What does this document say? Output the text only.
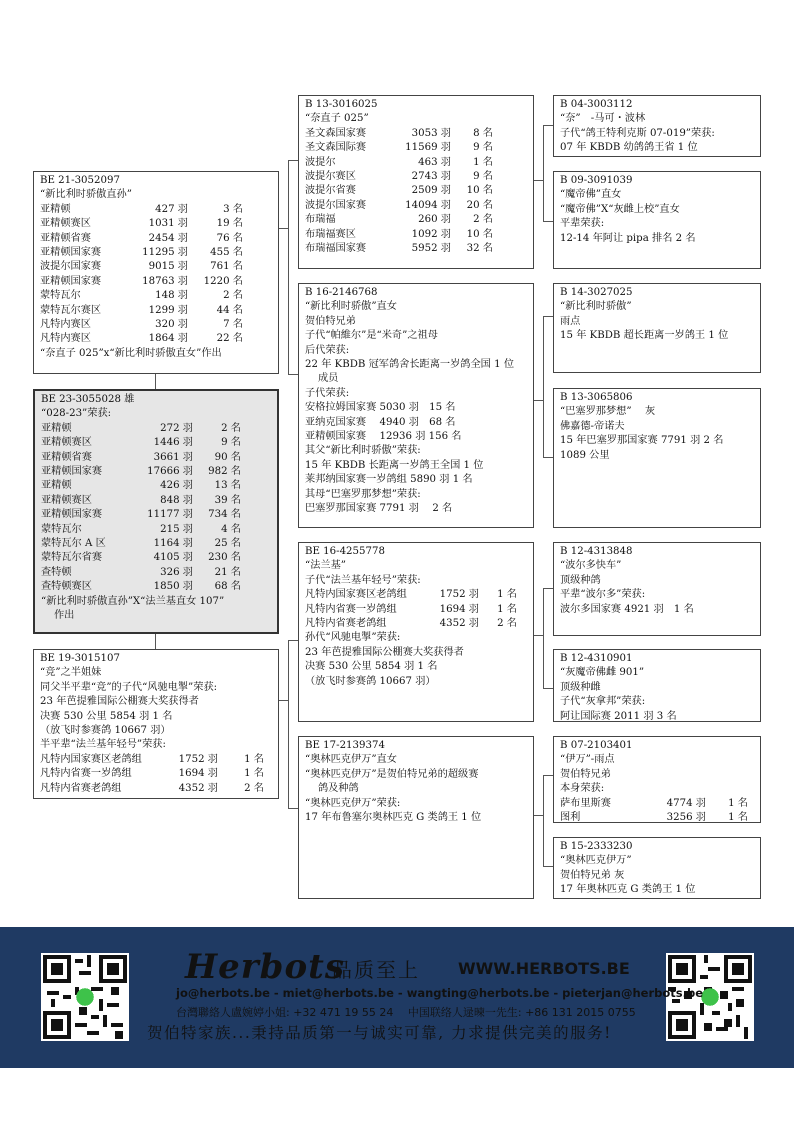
BE 21-3052097
“新比利时骄傲直孙”
亚精顿	427 羽	3 名
亚精顿赛区	1031 羽	19 名
亚精顿省赛	2454 羽	76 名
亚精顿国家赛	11295 羽	455 名
波提尔国家赛	9015 羽	761 名
亚精顿国家赛	18763 羽	1220 名
蒙特瓦尔	148 羽	2 名
蒙特瓦尔赛区	1299 羽	44 名
凡特内赛区	320 羽	7 名
凡特内赛区	1864 羽	22 名
“奈直子 025”x“新比利时骄傲直女”作出
BE 23-3055028 雄
“028-23”荣获:
亚精顿	272 羽	2 名
亚精顿赛区	1446 羽	9 名
亚精顿省赛	3661 羽	90 名
亚精顿国家赛	17666 羽	982 名
亚精顿	426 羽	13 名
亚精顿赛区	848 羽	39 名
亚精顿国家赛	11177 羽	734 名
蒙特瓦尔	215 羽	4 名
蒙特瓦尔 A 区	1164 羽	25 名
蒙特瓦尔省赛	4105 羽	230 名
查特顿	326 羽	21 名
查特顿赛区	1850 羽	68 名
“新比利时骄傲直孙”X“法兰基直女 107”
作出
BE 19-3015107
“竞”之半姐妹
同父半平辈“竞”的子代“风驰电掣”荣获:
23 年芭提雅国际公棚赛大奖获得者
决赛 530 公里 5854 羽 1 名
（放飞时参赛鸽 10667 羽）
半平辈“法兰基年轻号”荣获:
凡特内国家赛区老鸽组	1752 羽	1 名
凡特内省赛一岁鸽组	1694 羽	1 名
凡特内省赛老鸽组	4352 羽	2 名
B 13-3016025
“奈直子 025”
圣文森国家赛	3053 羽	8 名
圣文森国际赛	11569 羽	9 名
波提尔	463 羽	1 名
波提尔赛区	2743 羽	9 名
波提尔省赛	2509 羽	10 名
波提尔国家赛	14094 羽	20 名
布瑞福	260 羽	2 名
布瑞福赛区	1092 羽	10 名
布瑞福国家赛	5952 羽	32 名
B 16-2146768
“新比利时骄傲”直女
贺伯特兄弟
子代“帕維尔”是“米奇”之祖母
后代荣获:
22 年 KBDB 冠军鸽舍长距离一岁鸽全国 1 位
成员
子代荣获:
安格拉姆国家赛 5030 羽　15 名
亚纳克国家赛　 4940 羽　68 名
亚精顿国家赛　 12936 羽 156 名
其父“新比利时骄傲”荣获:
15 年 KBDB 长距离一岁鸽王全国 1 位
莱邦纳国家赛一岁鸽组 5890 羽 1 名
其母“巴塞罗那梦想”荣获:
巴塞罗那国家赛 7791 羽　 2 名
BE 16-4255778
“法兰基”
子代“法兰基年轻号”荣获:
凡特内国家赛区老鸽组	1752 羽	1 名
凡特内省赛一岁鸽组	1694 羽	1 名
凡特内省赛老鸽组	4352 羽	2 名
孙代“风驰电掣”荣获:
23 年芭提雅国际公棚赛大奖获得者
决赛 530 公里 5854 羽 1 名
（放飞时参赛鸽 10667 羽）
BE 17-2139374
“奥林匹克伊万”直女
“奥林匹克伊万”是贺伯特兄弟的超级赛
鸽及种鸽
“奥林匹克伊万”荣获:
17 年布鲁塞尔奥林匹克 G 类鸽王 1 位
B 04-3003112
“奈”　-马可・波林
子代“鸽王特利克斯 07-019”荣获:
07 年 KBDB 幼鸽鸽王省 1 位
B 09-3091039
“魔帝佛”直女
“魔帝佛”X“灰雌上校”直女
平辈荣获:
12-14 年阿让 pipa 排名 2 名
B 14-3027025
“新比利时骄傲”
雨点
15 年 KBDB 超长距离一岁鸽王 1 位
B 13-3065806
“巴塞罗那梦想”　 灰
佛嘉德-帝诺夫
15 年巴塞罗那国家赛 7791 羽 2 名
1089 公里
B 12-4313848
“波尔多快车”
顶级种鸽
平辈“波尔多”荣获:
波尔多国家赛 4921 羽　1 名
B 12-4310901
“灰魔帝佛雌 901”
顶级种雌
子代“灰拿邦”荣获:
阿让国际赛 2011 羽 3 名
B 07-2103401
“伊万”-雨点
贺伯特兄弟
本身荣获:
萨布里斯赛	4774 羽	1 名
图利	3256 羽	1 名
B 15-2333230
“奥林匹克伊万”
贺伯特兄弟 灰
17 年奥林匹克 G 类鸽王 1 位
Herbots
品质至上 WWW.HERBOTS.BE
jo@herbots.be - miet@herbots.be - wangting@herbots.be - pieterjan@herbots.be
台灣聯絡人盧婉婷小姐: +32 471 19 55 24　 中国联络人逯暕一先生: +86 131 2015 0755
贺伯特家族...秉持品质第一与诚实可靠, 力求提供完美的服务!
